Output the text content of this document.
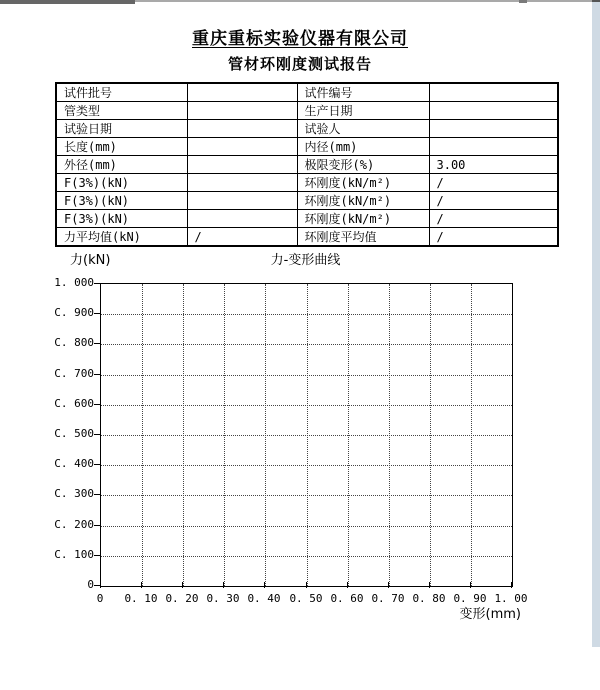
重庆重标实验仪器有限公司
管材环刚度测试报告
试件批号		试件编号	
管类型		生产日期	
试验日期		试验人	
长度(mm)		内径(mm)	
外径(mm)		极限变形(%)	3.00
F(3%)(kN)		环刚度(kN/m²)	/
F(3%)(kN)		环刚度(kN/m²)	/
F(3%)(kN)		环刚度(kN/m²)	/
力平均值(kN)	/	环刚度平均值	/
力(kN)	力-变形曲线
变形(mm)
1. 000
C. 900
C. 800
C. 700
C. 600
C. 500
C. 400
C. 300
C. 200
C. 100
0
0	0. 10 0. 20 0. 30 0. 40 0. 50 0. 60 0. 70 0. 80 0. 90 1. 00
